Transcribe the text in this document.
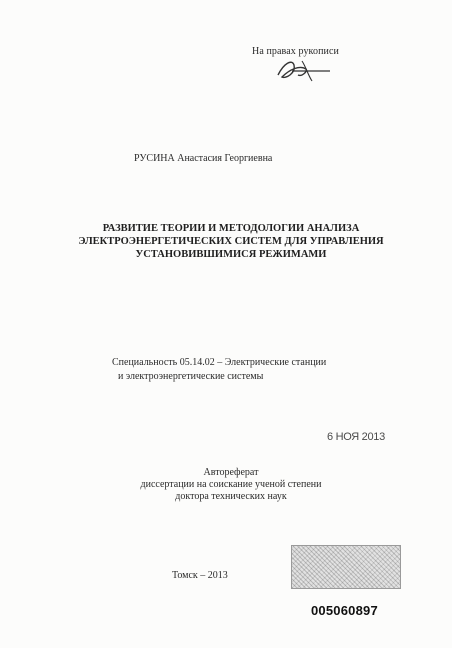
На правах рукописи
РУСИНА Анастасия Георгиевна
РАЗВИТИЕ ТЕОРИИ И МЕТОДОЛОГИИ АНАЛИЗА
ЭЛЕКТРОЭНЕРГЕТИЧЕСКИХ СИСТЕМ ДЛЯ УПРАВЛЕНИЯ
УСТАНОВИВШИМИСЯ РЕЖИМАМИ
Специальность 05.14.02 – Электрические станции
и электроэнергетические системы
6 НОЯ 2013
Автореферат
диссертации на соискание ученой степени
доктора технических наук
Томск – 2013
005060897
